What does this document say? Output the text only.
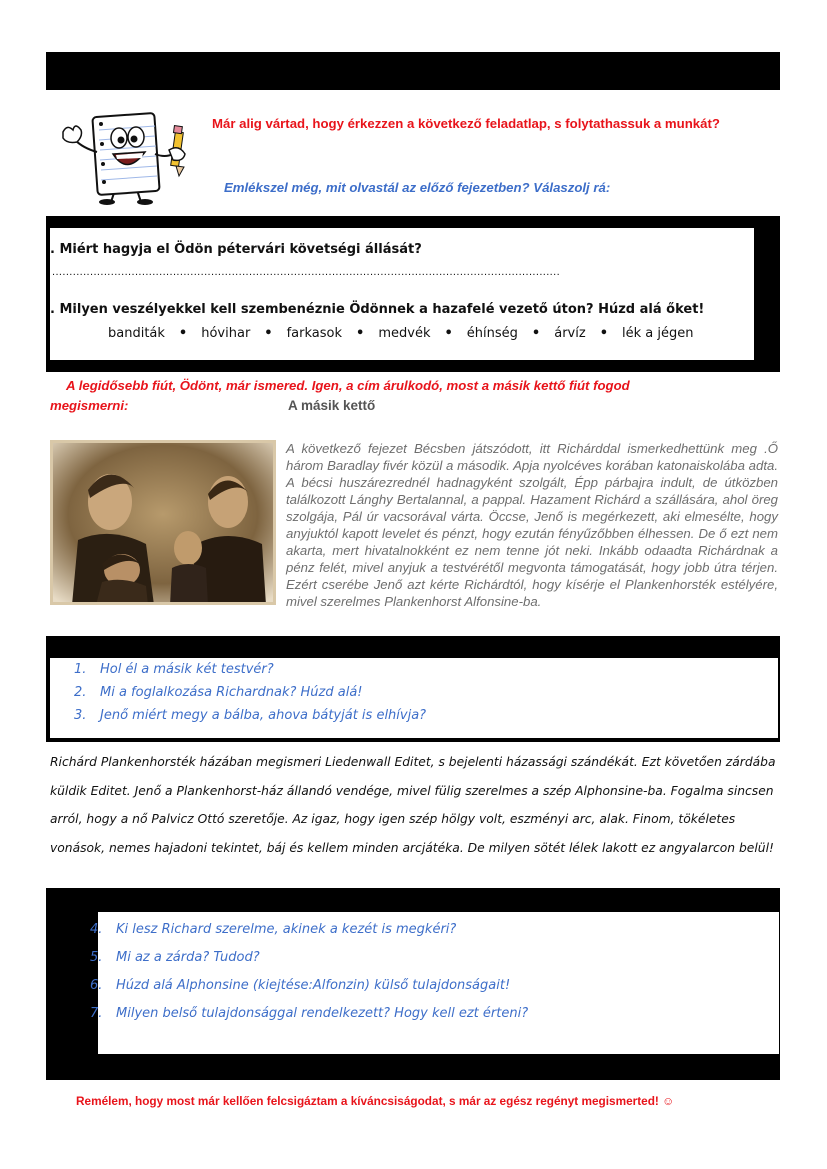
Már alig vártad, hogy érkezzen a következő feladatlap, s folytathassuk a munkát?
Emlékszel még, mit olvastál az előző fejezetben? Válaszolj rá:
. Miért hagyja el Ödön pétervári követségi állását?
...................................................................................................................................................
. Milyen veszélyekkel kell szembenéznie Ödönnek a hazafelé vezető úton? Húzd alá őket!
banditák • hóvihar • farkasok • medvék • éhínség • árvíz • lék a jégen
A legidősebb fiút, Ödönt, már ismered. Igen, a cím árulkodó, most a másik kettő fiút fogod
megismerni:	A másik kettő
A következő fejezet Bécsben játszódott, itt Richárddal ismerkedhettünk meg .Ő három Baradlay fivér közül a második. Apja nyolcéves korában katonaiskolába adta. A bécsi huszárezrednél hadnagyként szolgált, Épp párbajra indult, de útközben találkozott Lánghy Bertalannal, a pappal. Hazament Richárd a szállására, ahol öreg szolgája, Pál úr vacsorával várta. Öccse, Jenő is megérkezett, aki elmesélte, hogy anyjuktól kapott levelet és pénzt, hogy ezután fényűzőbben élhessen. De ő ezt nem akarta, mert hivatalnokként ez nem tenne jót neki. Inkább odaadta Richárdnak a pénz felét, mivel anyjuk a testvérétől megvonta támogatását, hogy jobb útra térjen. Ezért cserébe Jenő azt kérte Richárdtól, hogy kísérje el Plankenhorsték estélyére, mivel szerelmes Plankenhorst Alfonsine-ba.
1.	Hol él a másik két testvér?
2.	Mi a foglalkozása Richardnak? Húzd alá!
3.	Jenő miért megy a bálba, ahova bátyját is elhívja?
Richárd Plankenhorsték házában megismeri Liedenwall Editet, s bejelenti házassági szándékát. Ezt követően zárdába küldik Editet. Jenő a Plankenhorst-ház állandó vendége, mivel fülig szerelmes a szép Alphonsine-ba. Fogalma sincsen arról, hogy a nő Palvicz Ottó szeretője. Az igaz, hogy igen szép hölgy volt, eszményi arc, alak. Finom, tökéletes vonások, nemes hajadoni tekintet, báj és kellem minden arcjátéka. De milyen sötét lélek lakott ez angyalarcon belül!
4.	Ki lesz Richard szerelme, akinek a kezét is megkéri?
5.	Mi az a zárda? Tudod?
6.	Húzd alá Alphonsine (kiejtése:Alfonzin) külső tulajdonságait!
7.	Milyen belső tulajdonsággal rendelkezett? Hogy kell ezt érteni?
Remélem, hogy most már kellően felcsigáztam a kíváncsiságodat, s már az egész regényt megismerted! ☺
